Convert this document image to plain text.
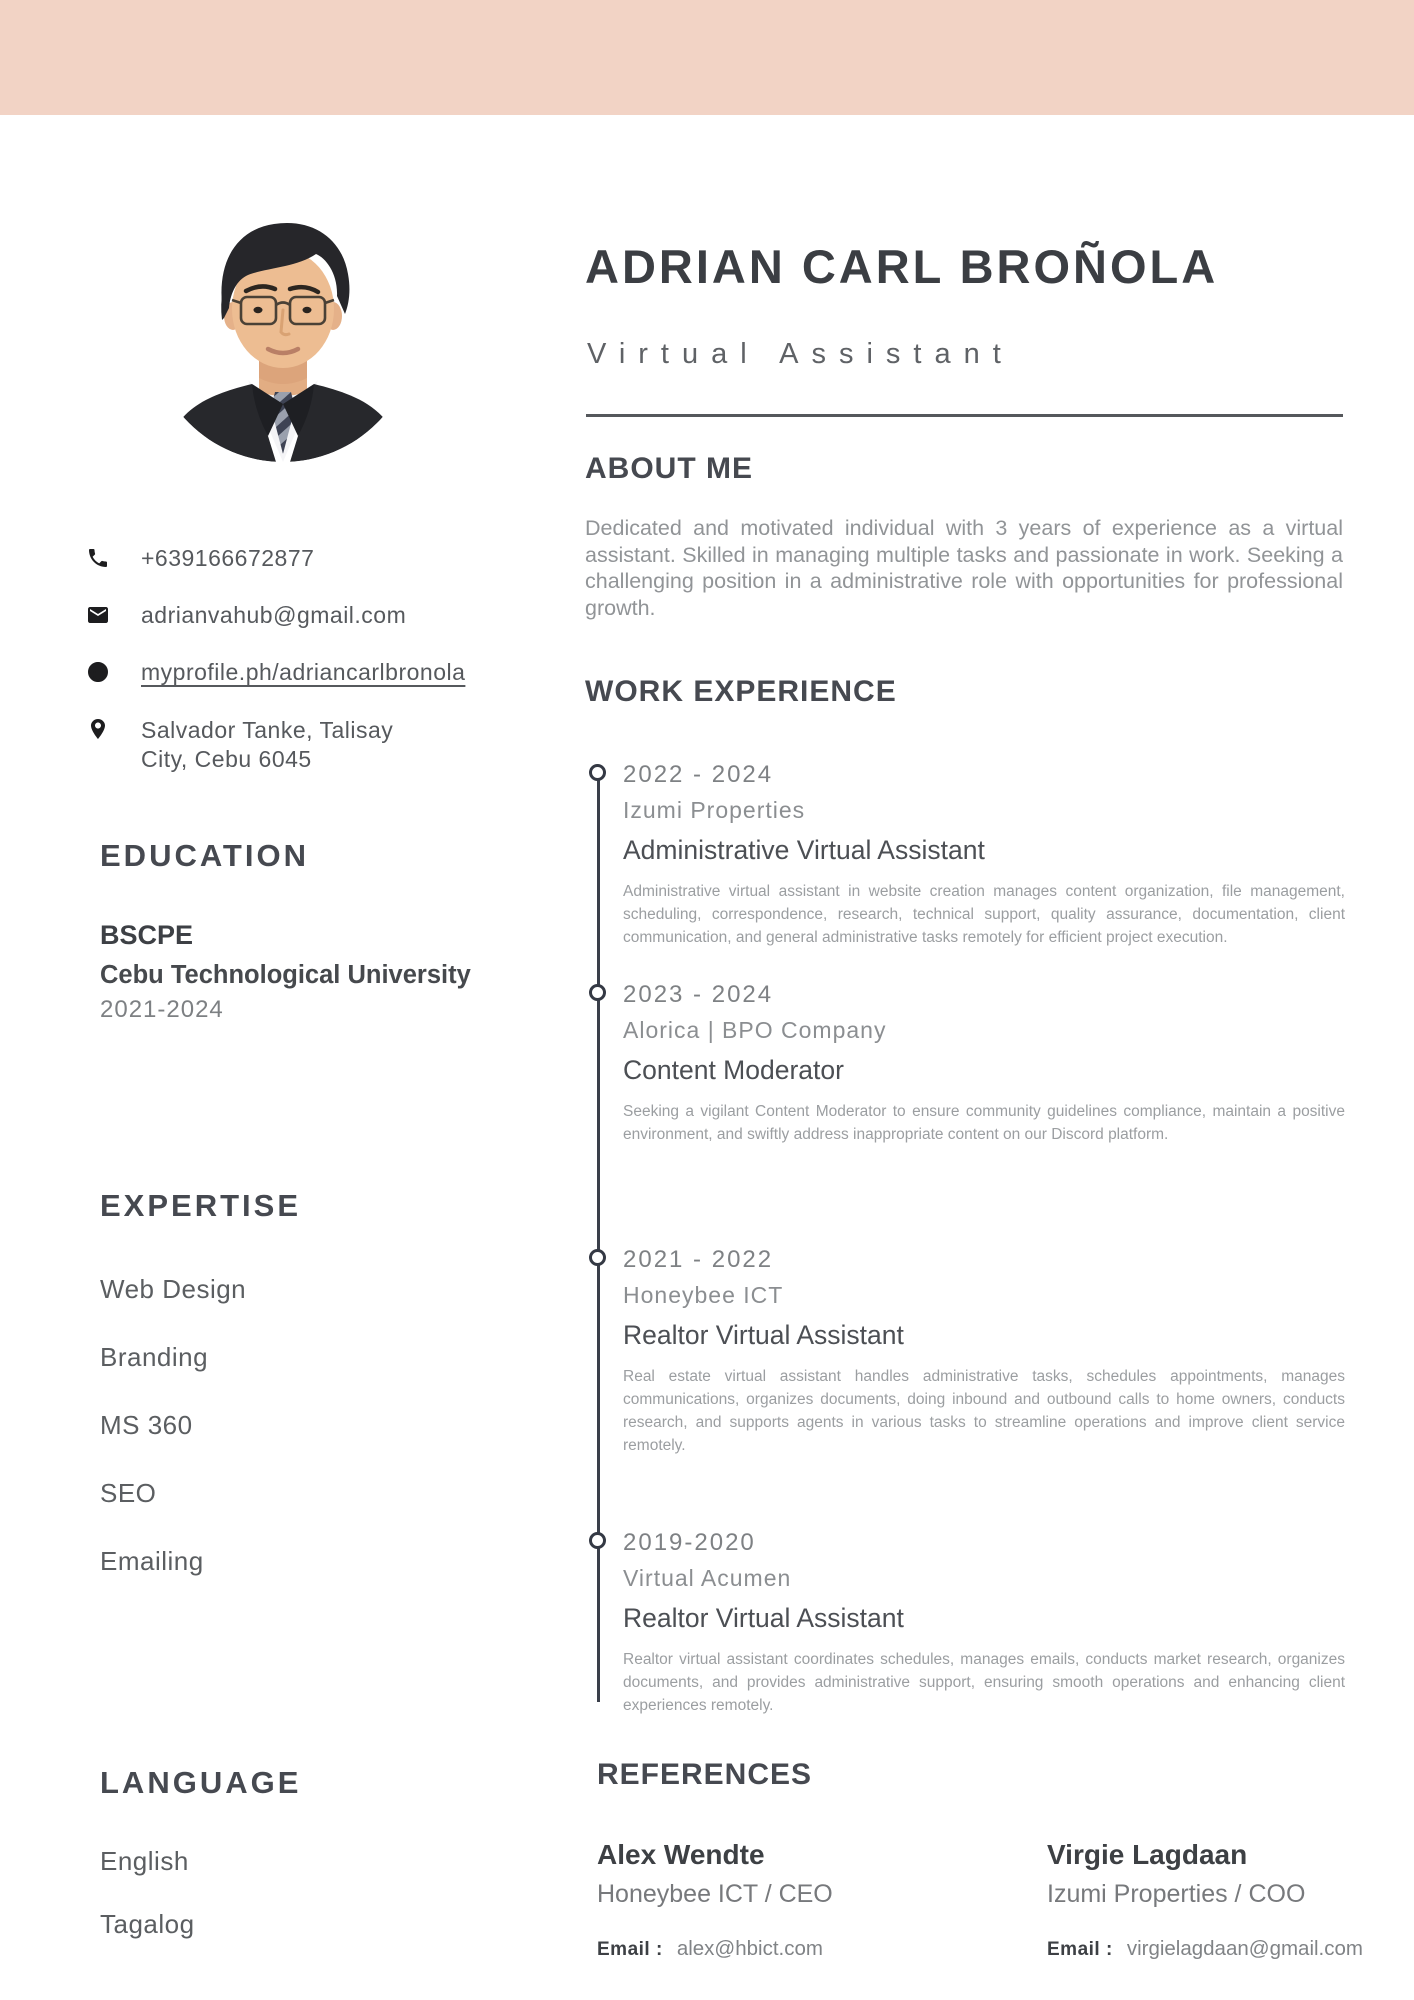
+639166672877
adrianvahub@gmail.com
myprofile.ph/adriancarlbronola
Salvador Tanke, Talisay
City, Cebu 6045
EDUCATION
BSCPE
Cebu Technological University
2021-2024
EXPERTISE
Web Design
Branding
MS 360
SEO
Emailing
LANGUAGE
English
Tagalog
ADRIAN CARL BROÑOLA
Virtual Assistant
ABOUT ME

Dedicated and motivated individual with 3 years of experience as a virtual assistant. Skilled in managing multiple tasks and passionate in work. Seeking a challenging position in a administrative role with opportunities for professional growth.

WORK EXPERIENCE
2022 - 2024
Izumi Properties
Administrative Virtual Assistant

Administrative virtual assistant in website creation manages content organization, file management, scheduling, correspondence, research, technical support, quality assurance, documentation, client communication, and general administrative tasks remotely for efficient project execution.

2023 - 2024
Alorica | BPO Company
Content Moderator

Seeking a vigilant Content Moderator to ensure community guidelines compliance, maintain a positive environment, and swiftly address inappropriate content on our Discord platform.

2021 - 2022
Honeybee ICT
Realtor Virtual Assistant

Real estate virtual assistant handles administrative tasks, schedules appointments, manages communications, organizes documents, doing inbound and outbound calls to home owners, conducts research, and supports agents in various tasks to streamline operations and improve client service remotely.

2019-2020
Virtual Acumen
Realtor Virtual Assistant

Realtor virtual assistant coordinates schedules, manages emails, conducts market research, organizes documents, and provides administrative support, ensuring smooth operations and enhancing client experiences remotely.

REFERENCES
Alex Wendte
Honeybee ICT / CEO
Email : alex@hbict.com
Virgie Lagdaan
Izumi Properties / COO
Email : virgielagdaan@gmail.com
